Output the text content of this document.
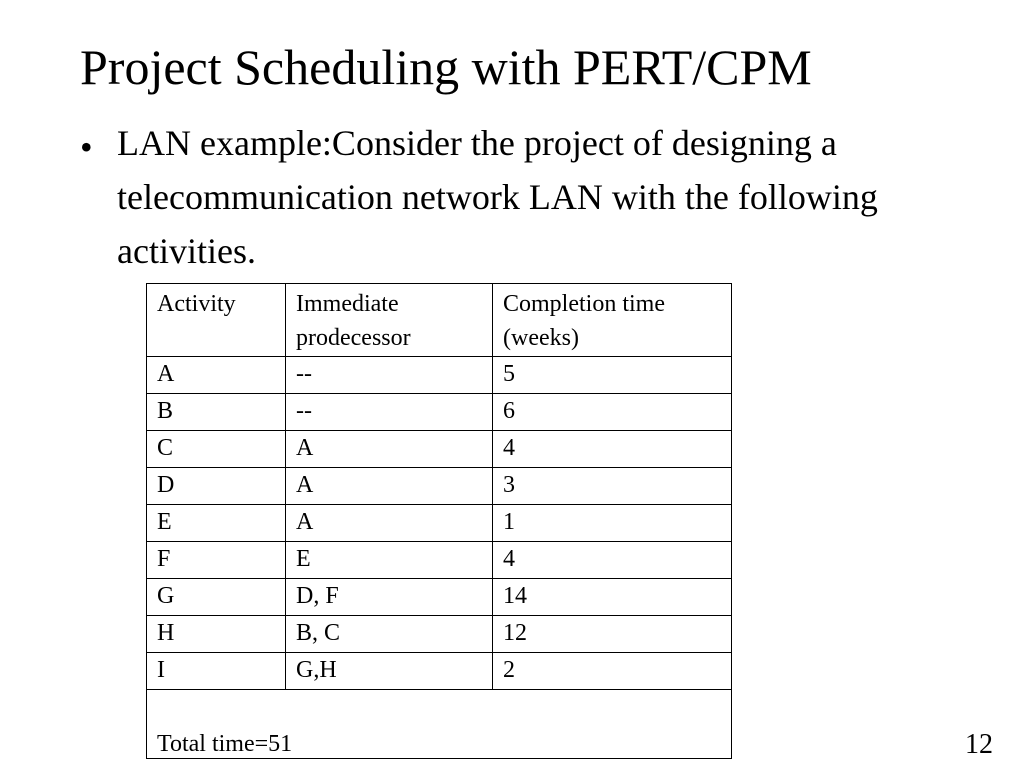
Project Scheduling with PERT/CPM
• LAN example:Consider the project of designing a telecommunication network LAN with the following activities.
Activity	Immediate prodecessor	Completion time (weeks)
A	--	5
B	--	6
C	A	4
D	A	3
E	A	1
F	E	4
G	D, F	14
H	B, C	12
I	G,H	2
Total time=51			12
